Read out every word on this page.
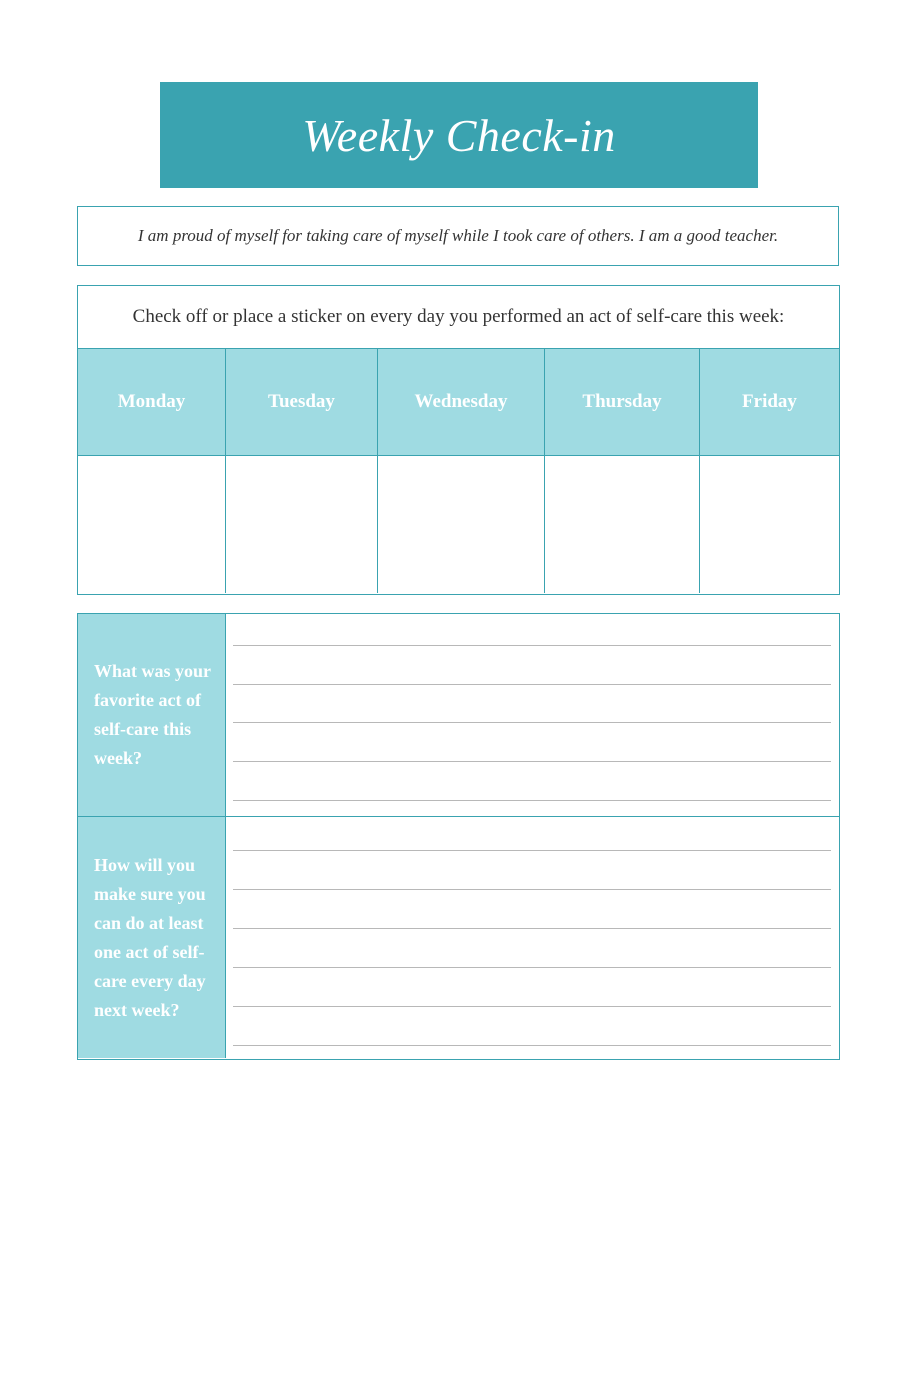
Weekly Check-in
I am proud of myself for taking care of myself while I took care of others. I am a good teacher.
Check off or place a sticker on every day you performed an act of self-care this week:
Monday	Tuesday	Wednesday	Thursday	Friday
What was your favorite act of self-care this week?
How will you make sure you can do at least one act of self-care every day next week?
